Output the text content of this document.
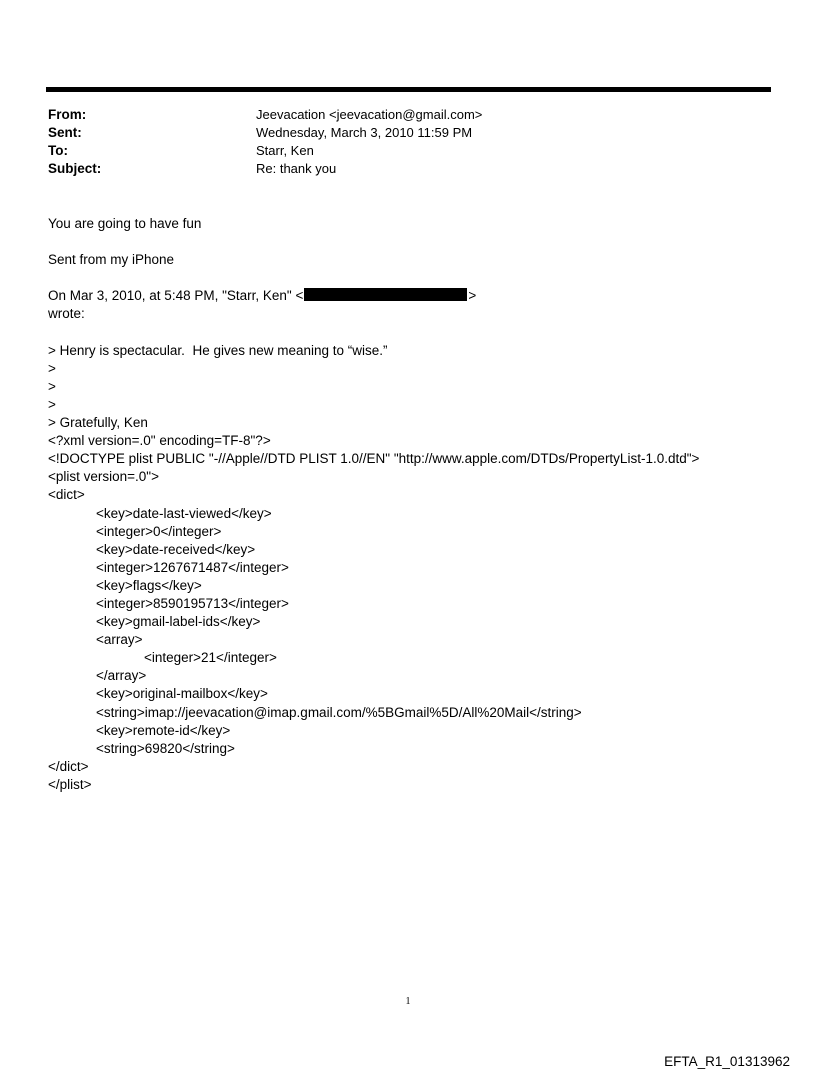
From:	Jeevacation <jeevacation@gmail.com>
Sent:	Wednesday, March 3, 2010 11:59 PM
To:	Starr, Ken
Subject:	Re: thank you
You are going to have fun
Sent from my iPhone
On Mar 3, 2010, at 5:48 PM, "Starr, Ken" <	>
wrote:
> Henry is spectacular.  He gives new meaning to “wise.”
>
>
>
> Gratefully, Ken
<?xml version=.0" encoding=TF-8"?>
<!DOCTYPE plist PUBLIC "-//Apple//DTD PLIST 1.0//EN" "http://www.apple.com/DTDs/PropertyList-1.0.dtd">
<plist version=.0">
<dict>
<key>date-last-viewed</key>
<integer>0</integer>
<key>date-received</key>
<integer>1267671487</integer>
<key>flags</key>
<integer>8590195713</integer>
<key>gmail-label-ids</key>
<array>
<integer>21</integer>
</array>
<key>original-mailbox</key>
<string>imap://jeevacation@imap.gmail.com/%5BGmail%5D/All%20Mail</string>
<key>remote-id</key>
<string>69820</string>
</dict>
</plist>
1
EFTA_R1_01313962
